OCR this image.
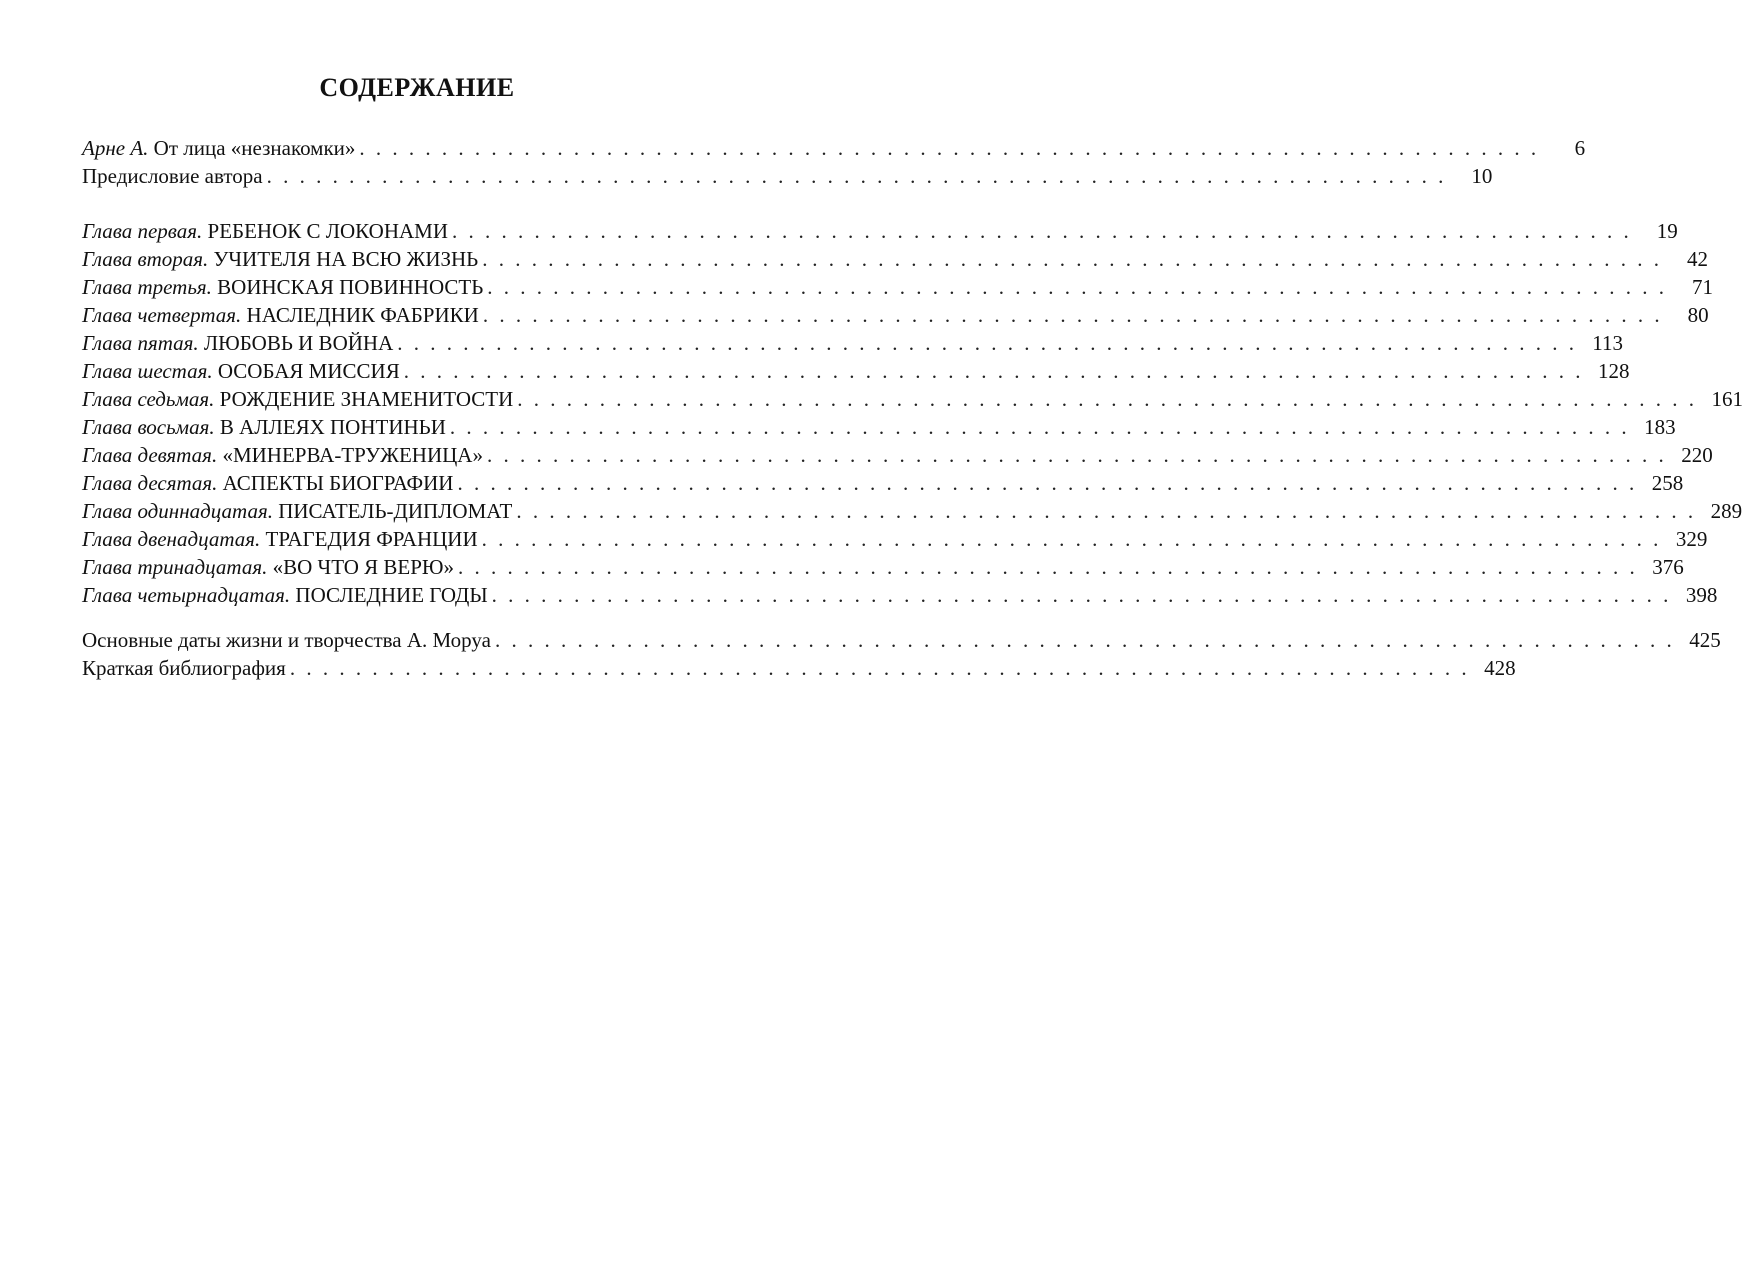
СОДЕРЖАНИЕ
Арне А. От лица «незнакомки» . . .	6
Предисловие автора . . .	10
Глава первая. РЕБЕНОК С ЛОКОНАМИ . . .	19
Глава вторая. УЧИТЕЛЯ НА ВСЮ ЖИЗНЬ . . .	42
Глава третья. ВОИНСКАЯ ПОВИННОСТЬ . . .	71
Глава четвертая. НАСЛЕДНИК ФАБРИКИ . . .	80
Глава пятая. ЛЮБОВЬ И ВОЙНА . . .	113
Глава шестая. ОСОБАЯ МИССИЯ . . .	128
Глава седьмая. РОЖДЕНИЕ ЗНАМЕНИТОСТИ . . .	161
Глава восьмая. В АЛЛЕЯХ ПОНТИНЬИ . . .	183
Глава девятая. «МИНЕРВА-ТРУЖЕНИЦА» . . .	220
Глава десятая. АСПЕКТЫ БИОГРАФИИ . . .	258
Глава одиннадцатая. ПИСАТЕЛЬ-ДИПЛОМАТ . . .	289
Глава двенадцатая. ТРАГЕДИЯ ФРАНЦИИ . . .	329
Глава тринадцатая. «ВО ЧТО Я ВЕРЮ» . . .	376
Глава четырнадцатая. ПОСЛЕДНИЕ ГОДЫ . . .	398
Основные даты жизни и творчества А. Моруа . . .	425
Краткая библиография . . .	428
